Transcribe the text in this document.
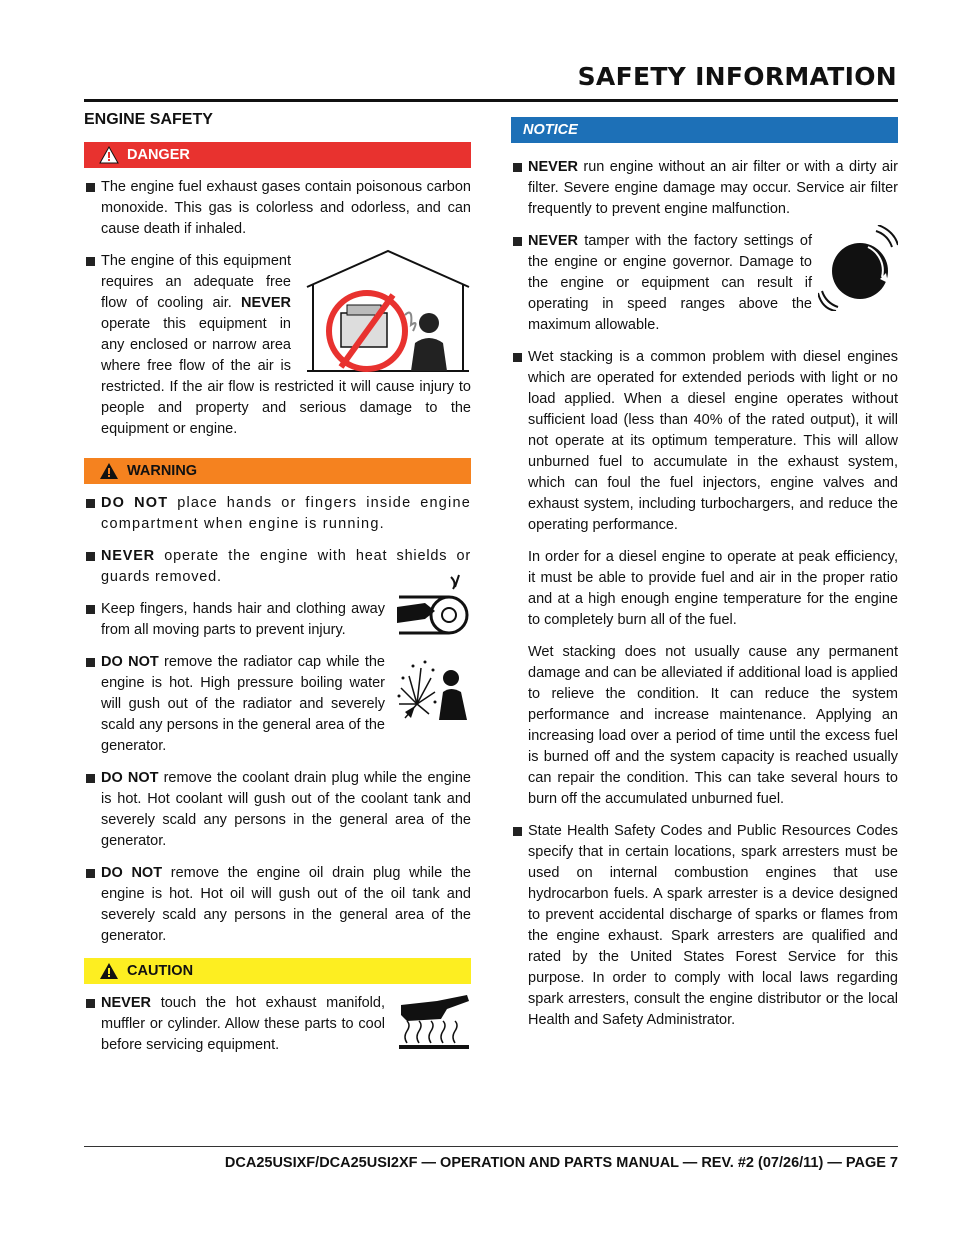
SAFETY INFORMATION
ENGINE SAFETY
DANGER
The engine fuel exhaust gases contain poisonous carbon monoxide. This gas is colorless and odorless, and can cause death if inhaled.
The engine of this equipment requires an adequate free flow of cooling air. NEVER operate this equipment in any enclosed or narrow area where free flow of the air is restricted. If the air flow is restricted it will cause injury to people and property and serious damage to the equipment or engine.
WARNING
DO NOT place hands or fingers inside engine compartment when engine is running.
NEVER operate the engine with heat shields or guards removed.
Keep fingers, hands hair and clothing away from all moving parts to prevent injury.
DO NOT remove the radiator cap while the engine is hot. High pressure boiling water will gush out of the radiator and severely scald any persons in the general area of the generator.
DO NOT remove the coolant drain plug while the engine is hot. Hot coolant will gush out of the coolant tank and severely scald any persons in the general area of the generator.
DO NOT remove the engine oil drain plug while the engine is hot. Hot oil will gush out of the oil tank and severely scald any persons in the general area of the generator.
CAUTION
NEVER touch the hot exhaust manifold, muffler or cylinder. Allow these parts to cool before servicing equipment.
NOTICE
NEVER run engine without an air filter or with a dirty air filter. Severe engine damage may occur. Service air filter frequently to prevent engine malfunction.
NEVER tamper with the factory settings of the engine or engine governor. Damage to the engine or equipment can result if operating in speed ranges above the maximum allowable.
Wet stacking is a common problem with diesel engines which are operated for extended periods with light or no load applied. When a diesel engine operates without sufficient load (less than 40% of the rated output), it will not operate at its optimum temperature. This will allow unburned fuel to accumulate in the exhaust system, which can foul the fuel injectors, engine valves and exhaust system, including turbochargers, and reduce the operating performance.
In order for a diesel engine to operate at peak efficiency, it must be able to provide fuel and air in the proper ratio and at a high enough engine temperature for the engine to completely burn all of the fuel.
Wet stacking does not usually cause any permanent damage and can be alleviated if additional load is applied to relieve the condition. It can reduce the system performance and increase maintenance. Applying an increasing load over a period of time until the excess fuel is burned off and the system capacity is reached usually can repair the condition. This can take several hours to burn off the accumulated unburned fuel.
State Health Safety Codes and Public Resources Codes specify that in certain locations, spark arresters must be used on internal combustion engines that use hydrocarbon fuels. A spark arrester is a device designed to prevent accidental discharge of sparks or flames from the engine exhaust. Spark arresters are qualified and rated by the United States Forest Service for this purpose. In order to comply with local laws regarding spark arresters, consult the engine distributor or the local Health and Safety Administrator.
DCA25USIXF/DCA25USI2XF — OPERATION AND PARTS MANUAL — REV. #2 (07/26/11) — PAGE 7
